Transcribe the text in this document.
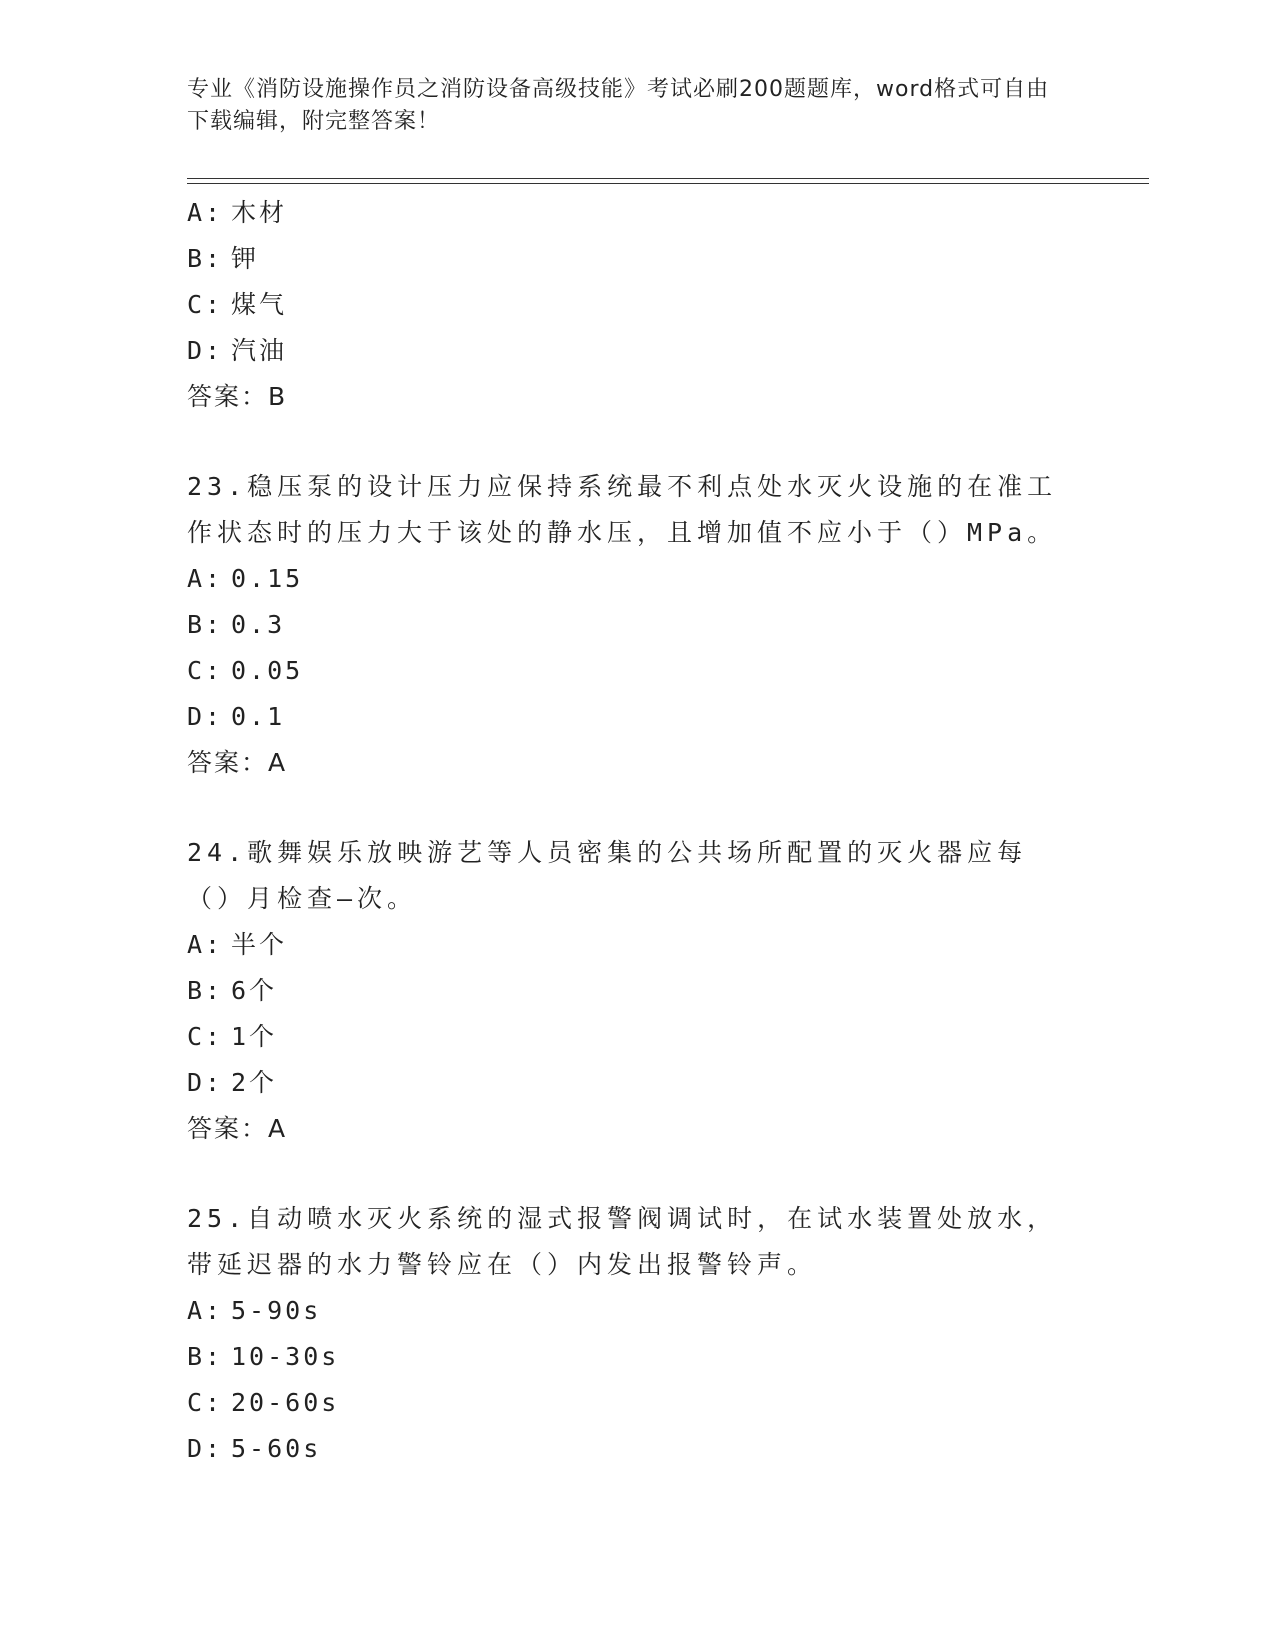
专业《消防设施操作员之消防设备高级技能》考试必刷200题题库，word格式可自由下载编辑，附完整答案！
A: 木材
B: 钾
C: 煤气
D: 汽油
答案：B
23.稳压泵的设计压力应保持系统最不利点处水灭火设施的在准工作状态时的压力大于该处的静水压，且增加值不应小于（）MPa。
A: 0.15
B: 0.3
C: 0.05
D: 0.1
答案：A
24.歌舞娱乐放映游艺等人员密集的公共场所配置的灭火器应每（）月检查—次。
A: 半个
B: 6个
C: 1个
D: 2个
答案：A
25.自动喷水灭火系统的湿式报警阀调试时，在试水装置处放水，带延迟器的水力警铃应在（）内发出报警铃声。
A: 5-90s
B: 10-30s
C: 20-60s
D: 5-60s
